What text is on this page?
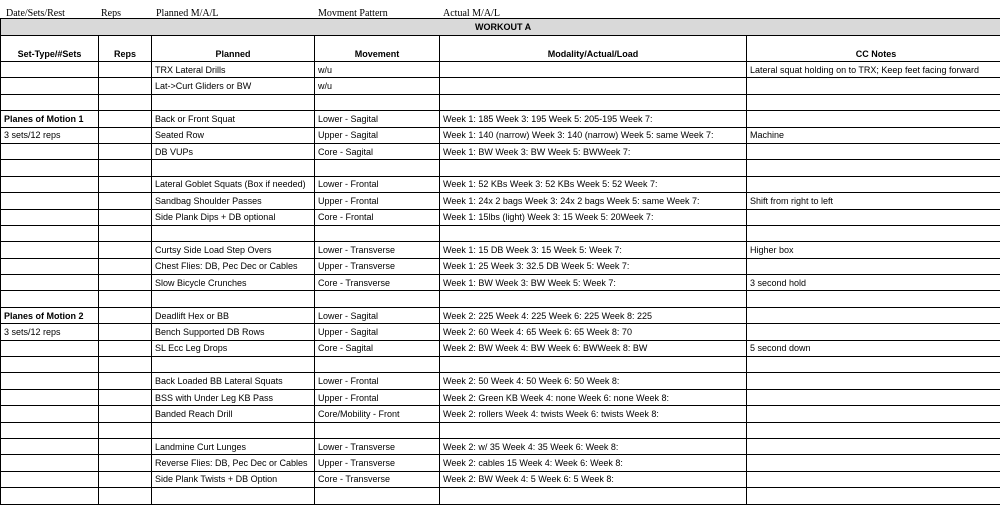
Date/Sets/Rest	Reps	Planned M/A/L	Movment Pattern	Actual M/A/L
WORKOUT A					
Set-Type/#Sets	Reps	Planned	Movement	Modality/Actual/Load	CC Notes
		TRX Lateral Drills	w/u		Lateral squat holding on to TRX; Keep feet facing forward
		Lat->Curt Gliders or BW	w/u		

Planes of Motion 1		Back or Front Squat	Lower - Sagital	Week 1: 185 Week 3: 195 Week 5: 205-195 Week 7:	
3 sets/12 reps		Seated Row	Upper - Sagital	Week 1: 140 (narrow) Week 3: 140 (narrow) Week 5: same Week 7:	Machine
		DB VUPs	Core - Sagital	Week 1: BW Week 3: BW Week 5: BWWeek 7:	

		Lateral Goblet Squats (Box if needed)	Lower - Frontal	Week 1: 52 KBs Week 3: 52 KBs Week 5: 52 Week 7:	
		Sandbag Shoulder Passes	Upper - Frontal	Week 1: 24x 2 bags Week 3: 24x 2 bags Week 5: same Week 7:	Shift from right to left
		Side Plank Dips + DB optional	Core - Frontal	Week 1: 15lbs (light) Week 3: 15 Week 5: 20Week 7:	

		Curtsy Side Load Step Overs	Lower - Transverse	Week 1: 15 DB Week 3: 15 Week 5: Week 7:	Higher box
		Chest Flies: DB, Pec Dec or Cables	Upper - Transverse	Week 1: 25 Week 3: 32.5 DB Week 5: Week 7:	
		Slow Bicycle Crunches	Core - Transverse	Week 1: BW Week 3: BW Week 5: Week 7:	3 second hold

Planes of Motion 2		Deadlift Hex or BB	Lower - Sagital	Week 2: 225 Week 4: 225 Week 6: 225 Week 8: 225	
3 sets/12 reps		Bench Supported DB Rows	Upper - Sagital	Week 2: 60 Week 4: 65 Week 6: 65 Week 8: 70	
		SL Ecc Leg Drops	Core - Sagital	Week 2: BW Week 4: BW Week 6: BWWeek 8: BW	5 second down

		Back Loaded BB Lateral Squats	Lower - Frontal	Week 2: 50 Week 4: 50 Week 6: 50 Week 8:	
		BSS with Under Leg KB Pass	Upper - Frontal	Week 2: Green KB Week 4: none Week 6: none Week 8:	
		Banded Reach Drill	Core/Mobility - Front	Week 2: rollers Week 4: twists Week 6: twists Week 8:	

		Landmine Curt Lunges	Lower - Transverse	Week 2: w/ 35 Week 4: 35 Week 6: Week 8:	
		Reverse Flies: DB, Pec Dec or Cables	Upper - Transverse	Week 2: cables 15 Week 4: Week 6: Week 8:	
		Side Plank Twists + DB Option	Core - Transverse	Week 2: BW Week 4: 5 Week 6: 5 Week 8:	
